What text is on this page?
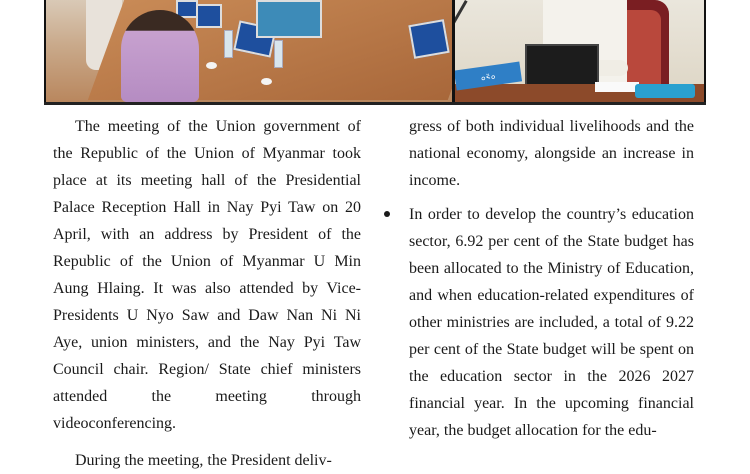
ࡀ࠵ࡀ

The meeting of the Union government of the Republic of the Union of Myanmar took place at its meeting hall of the Presidential Palace Reception Hall in Nay Pyi Taw on 20 April, with an address by President of the Republic of the Union of Myanmar U Min Aung Hlaing. It was also attended by Vice-Presidents U Nyo Saw and Daw Nan Ni Ni Aye, union ministers, and the Nay Pyi Taw Council chair. Region/ State chief ministers attended the meeting through videoconferencing.

During the meeting, the President deliv-

gress of both individual livelihoods and the national economy, alongside an increase in income.

In order to develop the country’s education sector, 6.92 per cent of the State budget has been allocated to the Ministry of Education, and when education-related expenditures of other ministries are included, a total of 9.22 per cent of the State budget will be spent on the education sector in the 2026 2027 financial year. In the upcoming financial year, the budget allocation for the edu-
